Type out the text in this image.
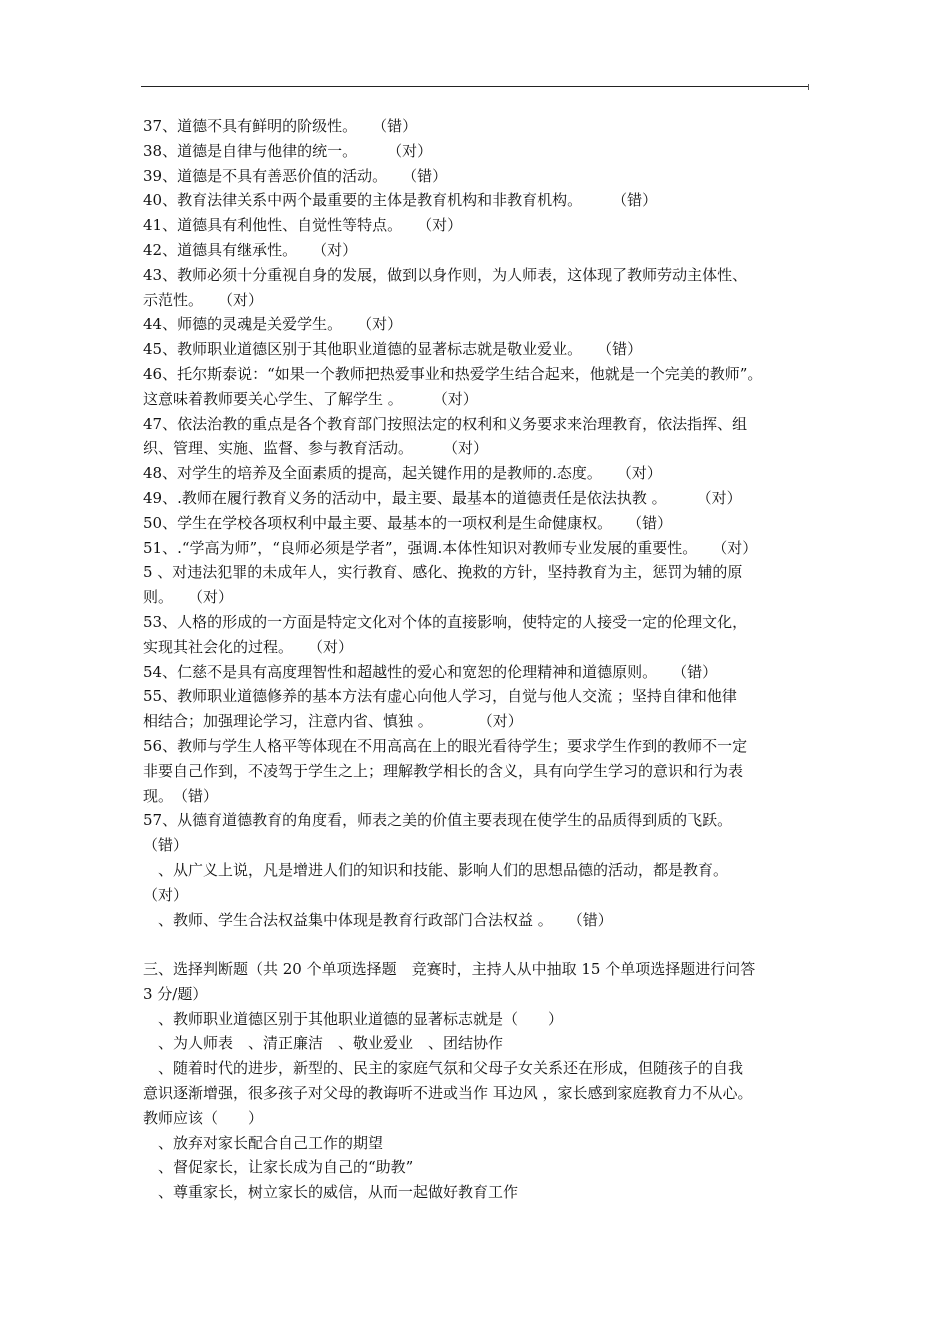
37、道德不具有鲜明的阶级性。　　（错）
38、道德是自律与他律的统一。　　　（对）
39、道德是不具有善恶价值的活动。　　（错）
40、教育法律关系中两个最重要的主体是教育机构和非教育机构。　　　（错）
41、道德具有利他性、自觉性等特点。　　（对）
42、道德具有继承性。　　（对）
43、教师必须十分重视自身的发展，做到以身作则，为人师表，这体现了教师劳动主体性、
示范性。　　（对）
44、师德的灵魂是关爱学生。　　（对）
45、教师职业道德区别于其他职业道德的显著标志就是敬业爱业。　　（错）
46、托尔斯泰说：“如果一个教师把热爱事业和热爱学生结合起来，他就是一个完美的教师”。
这意味着教师要关心学生、了解学生 。　　　（对）
47、依法治教的重点是各个教育部门按照法定的权利和义务要求来治理教育，依法指挥、组
织、管理、实施、监督、参与教育活动。　　　（对）
48、对学生的培养及全面素质的提高，起关键作用的是教师的.态度。　　（对）
49、.教师在履行教育义务的活动中，最主要、最基本的道德责任是依法执教 。　　　（对）
50、学生在学校各项权利中最主要、最基本的一项权利是生命健康权。　　（错）
51、.“学高为师”，“良师必须是学者”，强调.本体性知识对教师专业发展的重要性。　　（对）
5 、对违法犯罪的未成年人，实行教育、感化、挽救的方针，坚持教育为主，惩罚为辅的原
则。　　（对）
53、人格的形成的一方面是特定文化对个体的直接影响，使特定的人接受一定的伦理文化，
实现其社会化的过程。　　（对）
54、仁慈不是具有高度理智性和超越性的爱心和宽恕的伦理精神和道德原则。　　（错）
55、教师职业道德修养的基本方法有虚心向他人学习，自觉与他人交流 ；坚持自律和他律
相结合；加强理论学习，注意内省、慎独 。　　　　（对）
56、教师与学生人格平等体现在不用高高在上的眼光看待学生；要求学生作到的教师不一定
非要自己作到，不凌驾于学生之上；理解教学相长的含义，具有向学生学习的意识和行为表
现。　（错）
57、从德育道德教育的角度看，师表之美的价值主要表现在使学生的品质得到质的飞跃。
（错）
　、从广义上说，凡是增进人们的知识和技能、影响人们的思想品德的活动，都是教育。
（对）
　、教师、学生合法权益集中体现是教育行政部门合法权益 。　　（错）
三、选择判断题（共 20 个单项选择题　竞赛时，主持人从中抽取 15 个单项选择题进行问答
3 分/题）
　、教师职业道德区别于其他职业道德的显著标志就是（　　）
　、为人师表　、清正廉洁　、敬业爱业　、团结协作
　、随着时代的进步，新型的、民主的家庭气氛和父母子女关系还在形成，但随孩子的自我
意识逐渐增强，很多孩子对父母的教诲听不进或当作 耳边风 ，家长感到家庭教育力不从心。
教师应该（　　）
　、放弃对家长配合自己工作的期望
　、督促家长，让家长成为自己的“助教”
　、尊重家长，树立家长的威信，从而一起做好教育工作
